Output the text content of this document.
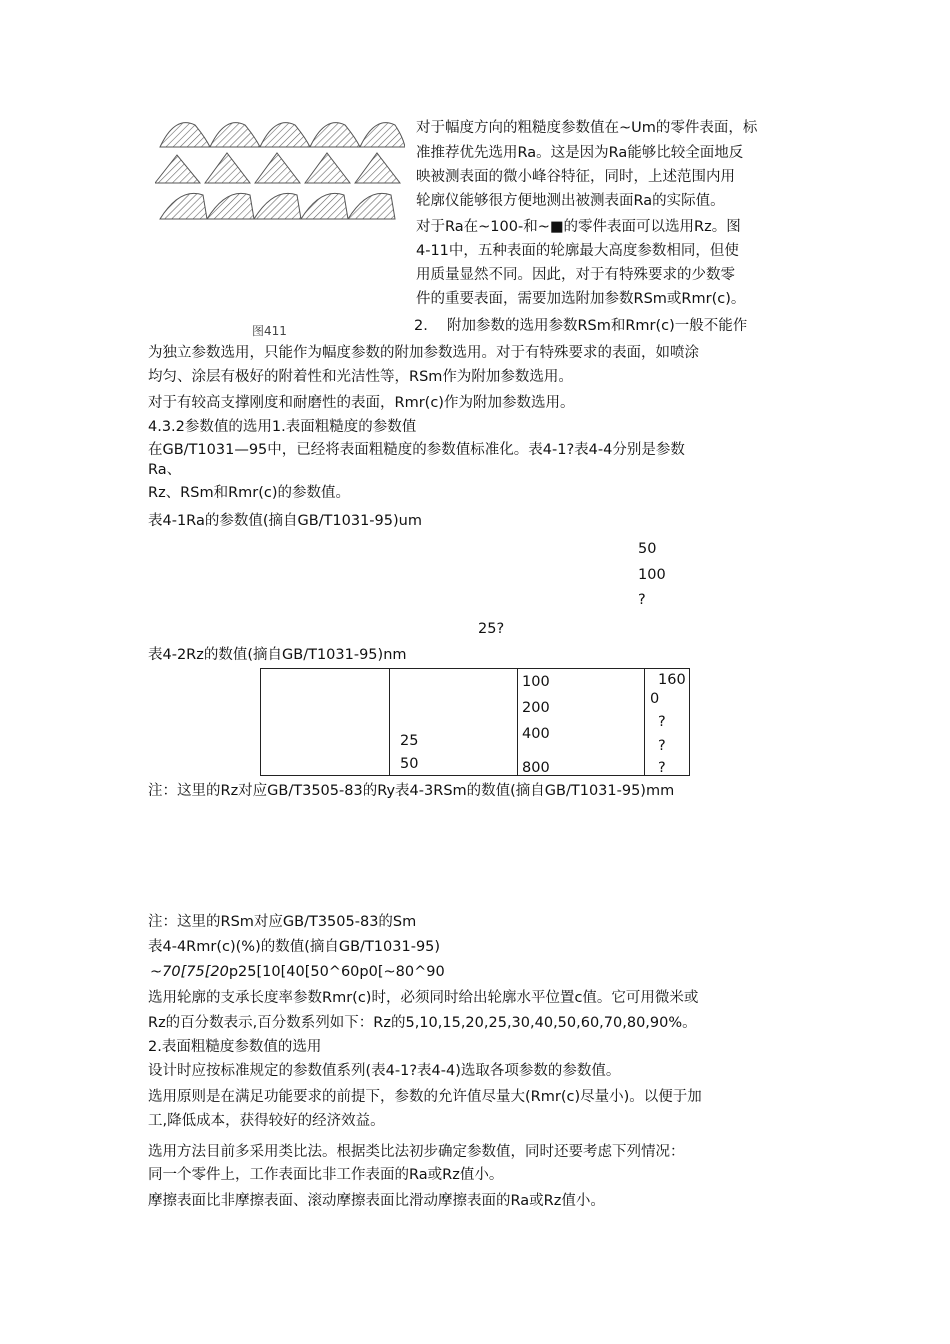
对于幅度方向的粗糙度参数值在~Um的零件表面，标
准推荐优先选用Ra。这是因为Ra能够比较全面地反
映被测表面的微小峰谷特征，同时，上述范围内用
轮廓仪能够很方便地测出被测表面Ra的实际值。
对于Ra在~100-和~■的零件表面可以选用Rz。图
4-11中，五种表面的轮廓最大高度参数相同，但使
用质量显然不同。因此，对于有特殊要求的少数零
件的重要表面，需要加选附加参数RSm或Rmr(c)。
图411	2.　 附加参数的选用参数RSm和Rmr(c)一般不能作
为独立参数选用，只能作为幅度参数的附加参数选用。对于有特殊要求的表面，如喷涂
均匀、涂层有极好的附着性和光洁性等，RSm作为附加参数选用。
对于有较高支撑刚度和耐磨性的表面，Rmr(c)作为附加参数选用。
4.3.2参数值的选用1.表面粗糙度的参数值
在GB/T1031—95中，已经将表面粗糙度的参数值标准化。表4-1?表4-4分别是参数
Ra、
Rz、RSm和Rmr(c)的参数值。
表4-1Ra的参数值(摘自GB/T1031-95)um
50
100
?
25?
表4-2Rz的数值(摘自GB/T1031-95)nm
25
50
100
200
400
800
160
0
?
?
?
注：这里的Rz对应GB/T3505-83的Ry表4-3RSm的数值(摘自GB/T1031-95)mm
注：这里的RSm对应GB/T3505-83的Sm
表4-4Rmr(c)(%)的数值(摘自GB/T1031-95)
~70[75[20p25[10[40[50^60p0[~80^90
选用轮廓的支承长度率参数Rmr(c)时，必须同时给出轮廓水平位置c值。它可用微米或
Rz的百分数表示,百分数系列如下：Rz的5,10,15,20,25,30,40,50,60,70,80,90%。
2.表面粗糙度参数值的选用
设计时应按标准规定的参数值系列(表4-1?表4-4)选取各项参数的参数值。
选用原则是在满足功能要求的前提下，参数的允许值尽量大(Rmr(c)尽量小)。以便于加
工,降低成本，获得较好的经济效益。
选用方法目前多采用类比法。根据类比法初步确定参数值，同时还要考虑下列情况：
同一个零件上，工作表面比非工作表面的Ra或Rz值小。
摩擦表面比非摩擦表面、滚动摩擦表面比滑动摩擦表面的Ra或Rz值小。
